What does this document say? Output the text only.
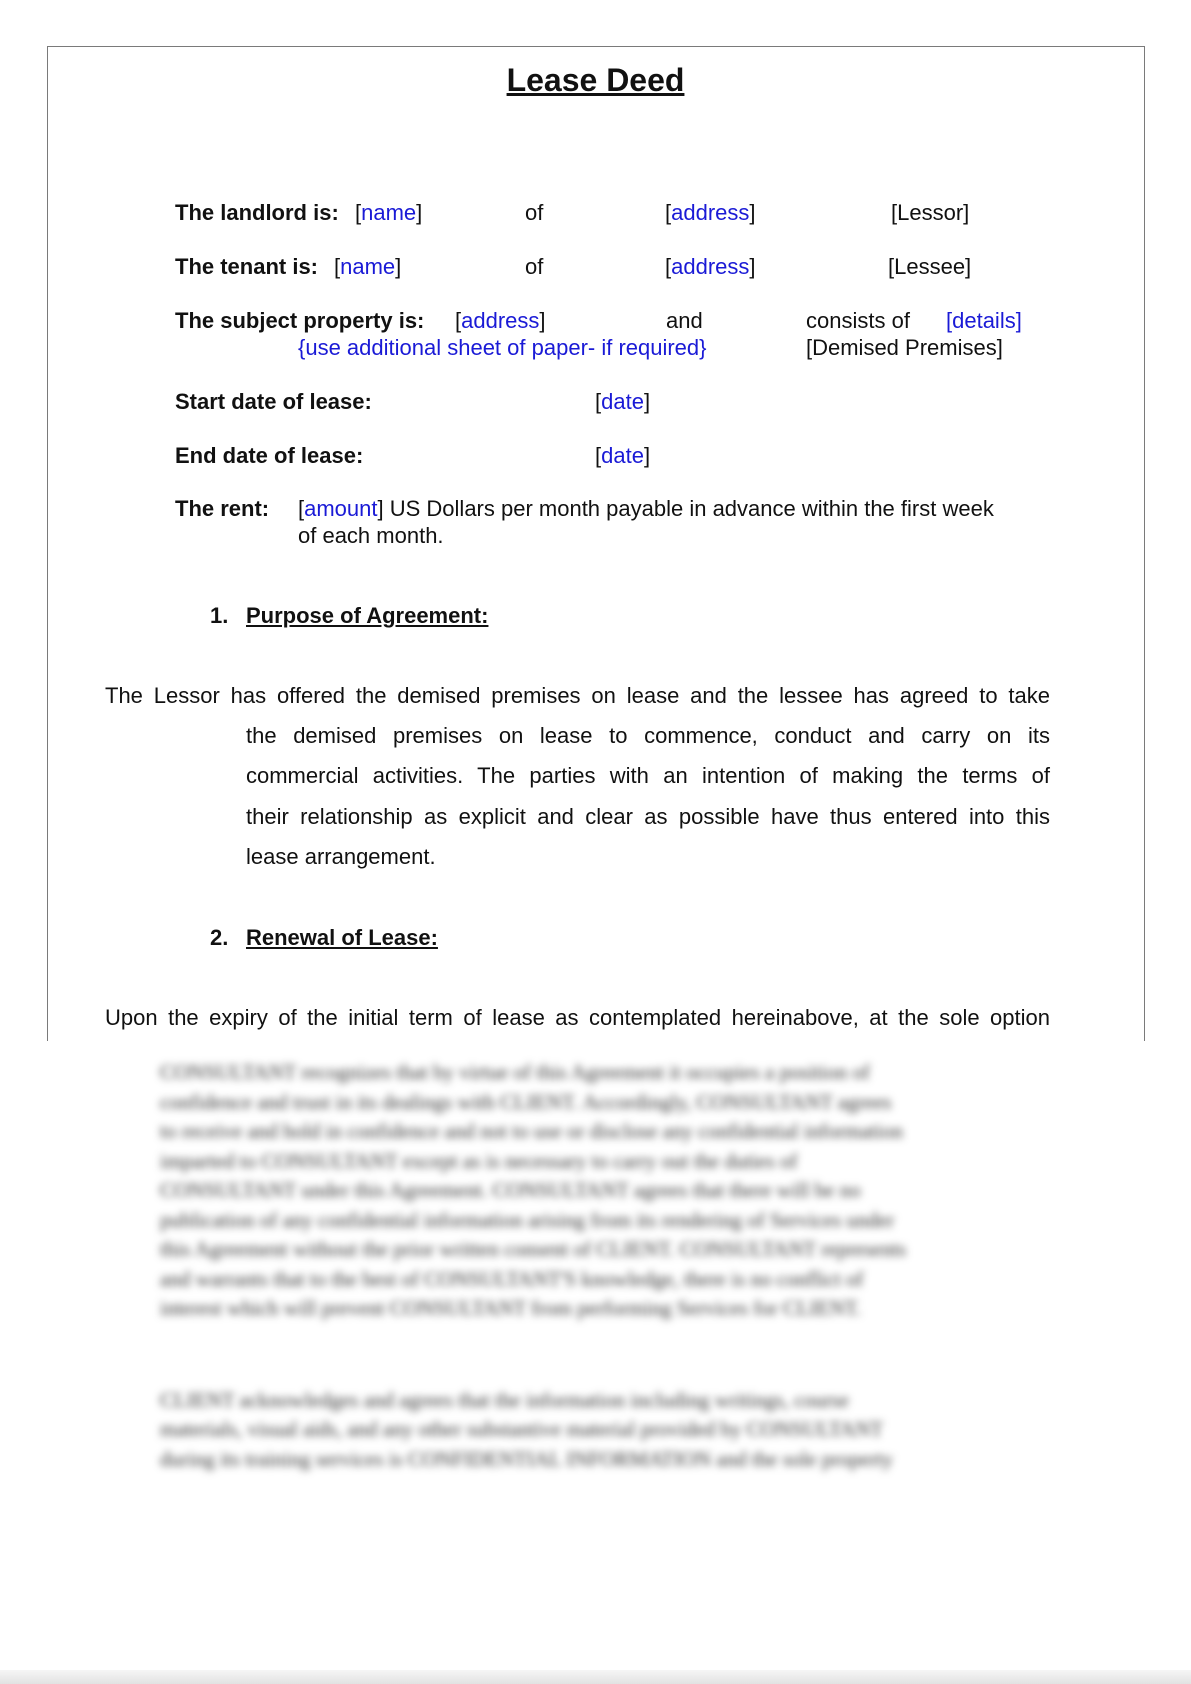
Lease Deed
The landlord is: [name]	of	[address]	[Lessor]
The tenant is: [name]	of	[address]	[Lessee]
The subject property is: [address]	and	consists of [details]
{use additional sheet of paper- if required}	[Demised Premises]
Start date of lease:	[date]
End date of lease:	[date]
The rent: [amount] US Dollars per month payable in advance within the first week
of each month.
1. Purpose of Agreement:
The Lessor has offered the demised premises on lease and the lessee has agreed to take
the demised premises on lease to commence, conduct and carry on its
commercial activities. The parties with an intention of making the terms of
their relationship as explicit and clear as possible have thus entered into this
lease arrangement.
2. Renewal of Lease:
Upon the expiry of the initial term of lease as contemplated hereinabove, at the sole option
CONSULTANT recognizes that by virtue of this Agreement it occupies a position of
confidence and trust in its dealings with CLIENT. Accordingly, CONSULTANT agrees
to receive and hold in confidence and not to use or disclose any confidential information
imparted to CONSULTANT except as is necessary to carry out the duties of
CONSULTANT under this Agreement. CONSULTANT agrees that there will be no
publication of any confidential information arising from its rendering of Services under
this Agreement without the prior written consent of CLIENT. CONSULTANT represents
and warrants that to the best of CONSULTANT'S knowledge, there is no conflict of
interest which will prevent CONSULTANT from performing Services for CLIENT.
CLIENT acknowledges and agrees that the information including writings, course
materials, visual aids, and any other substantive material provided by CONSULTANT
during its training services is CONFIDENTIAL INFORMATION and the sole property
